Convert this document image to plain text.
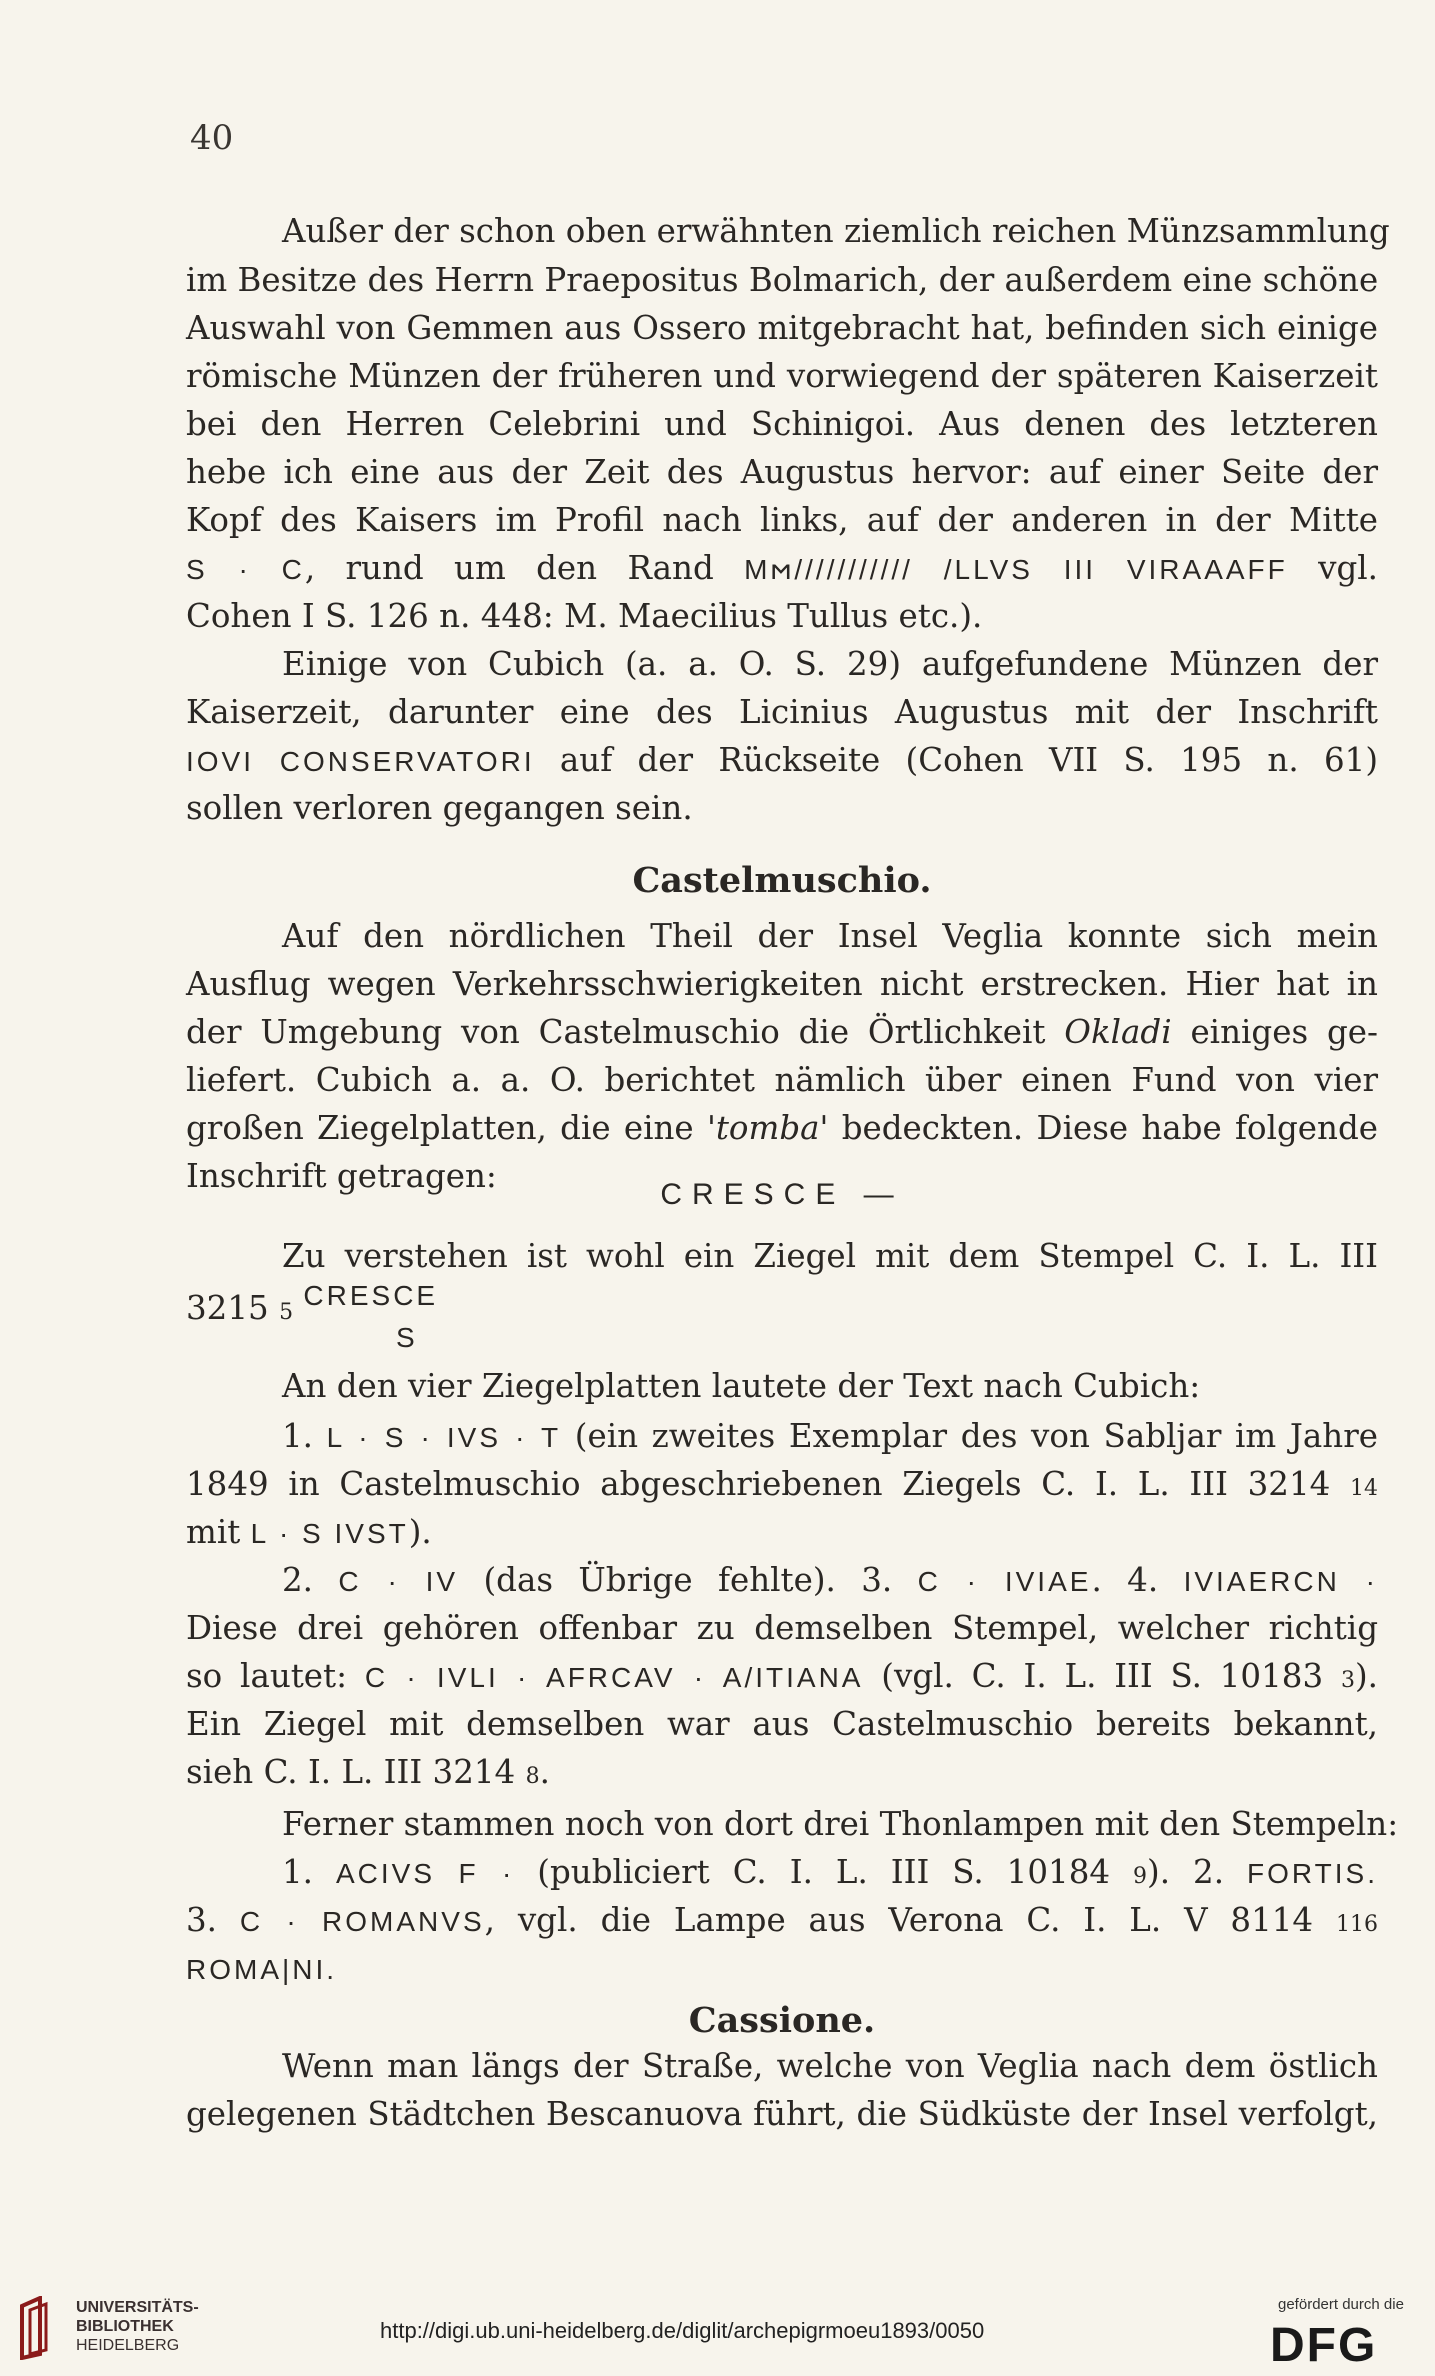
40
Außer der schon oben erwähnten ziemlich reichen Münzsammlung
im Besitze des Herrn Praepositus Bolmarich, der außerdem eine schöne
Auswahl von Gemmen aus Ossero mitgebracht hat, befinden sich einige
römische Münzen der früheren und vorwiegend der späteren Kaiserzeit
bei den Herren Celebrini und Schinigoi. Aus denen des letzteren
hebe ich eine aus der Zeit des Augustus hervor: auf einer Seite der
Kopf des Kaisers im Profil nach links, auf der anderen in der Mitte
S · C, rund um den Rand M𐌼/////////// /LLVS III VIRAAAFF vgl.
Cohen I S. 126 n. 448: M. Maecilius Tullus etc.).
Einige von Cubich (a. a. O. S. 29) aufgefundene Münzen der
Kaiserzeit, darunter eine des Licinius Augustus mit der Inschrift
IOVI CONSERVATORI auf der Rückseite (Cohen VII S. 195 n. 61)
sollen verloren gegangen sein.
Castelmuschio.
Auf den nördlichen Theil der Insel Veglia konnte sich mein
Ausflug wegen Verkehrsschwierigkeiten nicht erstrecken. Hier hat in
der Umgebung von Castelmuschio die Örtlichkeit Okladi einiges ge-
liefert. Cubich a. a. O. berichtet nämlich über einen Fund von vier
großen Ziegelplatten, die eine 'tomba' bedeckten. Diese habe folgende
Inschrift getragen:	CRESCE —
Zu verstehen ist wohl ein Ziegel mit dem Stempel C. I. L. III
3215 5 CRESCE
S
An den vier Ziegelplatten lautete der Text nach Cubich:
1. L · S · IVS · T (ein zweites Exemplar des von Sabljar im Jahre
1849 in Castelmuschio abgeschriebenen Ziegels C. I. L. III 3214 14
mit L · S IVST).
2. C · IV (das Übrige fehlte). 3. C · IVIAE. 4. IVIAERCN ·
Diese drei gehören offenbar zu demselben Stempel, welcher richtig
so lautet: C · IVLI · AFRCAV · A/ITIANA (vgl. C. I. L. III S. 10183 3).
Ein Ziegel mit demselben war aus Castelmuschio bereits bekannt,
sieh C. I. L. III 3214 8.
Ferner stammen noch von dort drei Thonlampen mit den Stempeln:
1. ACIVS F · (publiciert C. I. L. III S. 10184 9). 2. FORTIS.
3. C · ROMANVS, vgl. die Lampe aus Verona C. I. L. V 8114 116
ROMA|NI.
Cassione.
Wenn man längs der Straße, welche von Veglia nach dem östlich
gelegenen Städtchen Bescanuova führt, die Südküste der Insel verfolgt,
UNIVERSITÄTS-
BIBLIOTHEK
HEIDELBERG
http://digi.ub.uni-heidelberg.de/diglit/archepigrmoeu1893/0050
gefördert durch die
DFG
